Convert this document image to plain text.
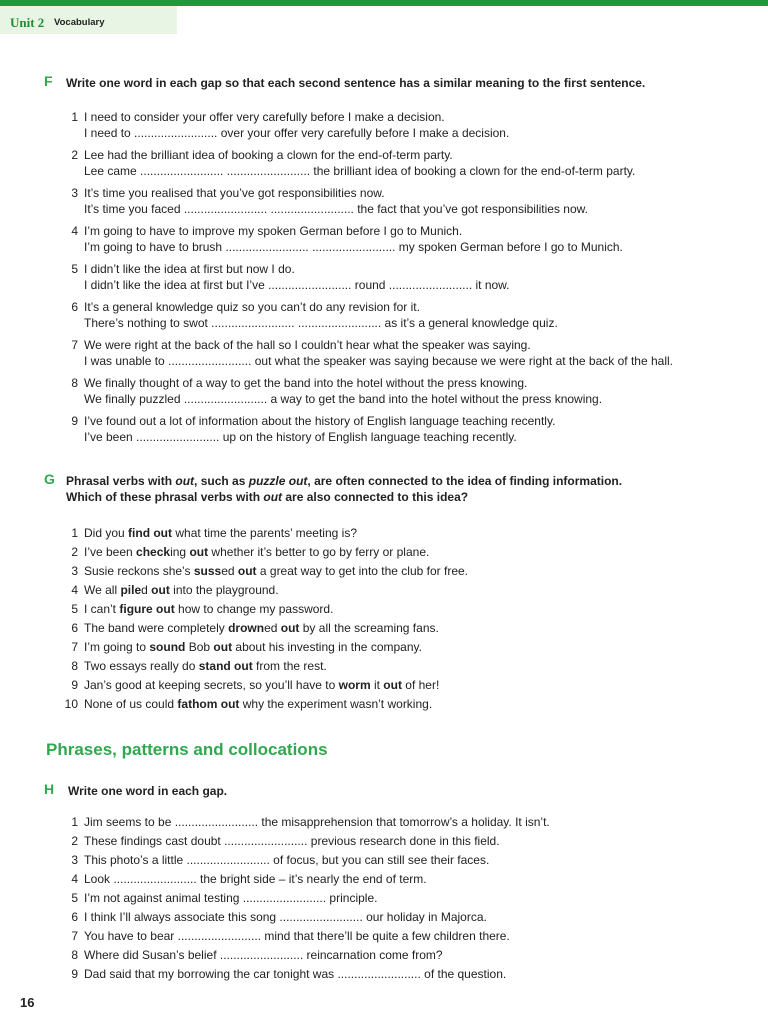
Unit 2 Vocabulary
F Write one word in each gap so that each second sentence has a similar meaning to the first sentence.
1 I need to consider your offer very carefully before I make a decision.
I need to ......................... over your offer very carefully before I make a decision.
2 Lee had the brilliant idea of booking a clown for the end-of-term party.
Lee came ......................... ......................... the brilliant idea of booking a clown for the end-of-term party.
3 It’s time you realised that you’ve got responsibilities now.
It’s time you faced ......................... ......................... the fact that you’ve got responsibilities now.
4 I’m going to have to improve my spoken German before I go to Munich.
I’m going to have to brush ......................... ......................... my spoken German before I go to Munich.
5 I didn’t like the idea at first but now I do.
I didn’t like the idea at first but I’ve ......................... round ......................... it now.
6 It’s a general knowledge quiz so you can’t do any revision for it.
There’s nothing to swot ......................... ......................... as it’s a general knowledge quiz.
7 We were right at the back of the hall so I couldn’t hear what the speaker was saying.
I was unable to ......................... out what the speaker was saying because we were right at the back of the hall.
8 We finally thought of a way to get the band into the hotel without the press knowing.
We finally puzzled ......................... a way to get the band into the hotel without the press knowing.
9 I’ve found out a lot of information about the history of English language teaching recently.
I’ve been ......................... up on the history of English language teaching recently.
G Phrasal verbs with out, such as puzzle out, are often connected to the idea of finding information.
Which of these phrasal verbs with out are also connected to this idea?
1 Did you find out what time the parents’ meeting is?
2 I’ve been checking out whether it’s better to go by ferry or plane.
3 Susie reckons she’s sussed out a great way to get into the club for free.
4 We all piled out into the playground.
5 I can’t figure out how to change my password.
6 The band were completely drowned out by all the screaming fans.
7 I’m going to sound Bob out about his investing in the company.
8 Two essays really do stand out from the rest.
9 Jan’s good at keeping secrets, so you’ll have to worm it out of her!
10 None of us could fathom out why the experiment wasn’t working.
Phrases, patterns and collocations
H Write one word in each gap.
1 Jim seems to be ......................... the misapprehension that tomorrow’s a holiday. It isn’t.
2 These findings cast doubt ......................... previous research done in this field.
3 This photo’s a little ......................... of focus, but you can still see their faces.
4 Look ......................... the bright side – it’s nearly the end of term.
5 I’m not against animal testing ......................... principle.
6 I think I’ll always associate this song ......................... our holiday in Majorca.
7 You have to bear ......................... mind that there’ll be quite a few children there.
8 Where did Susan’s belief ......................... reincarnation come from?
9 Dad said that my borrowing the car tonight was ......................... of the question.
16
